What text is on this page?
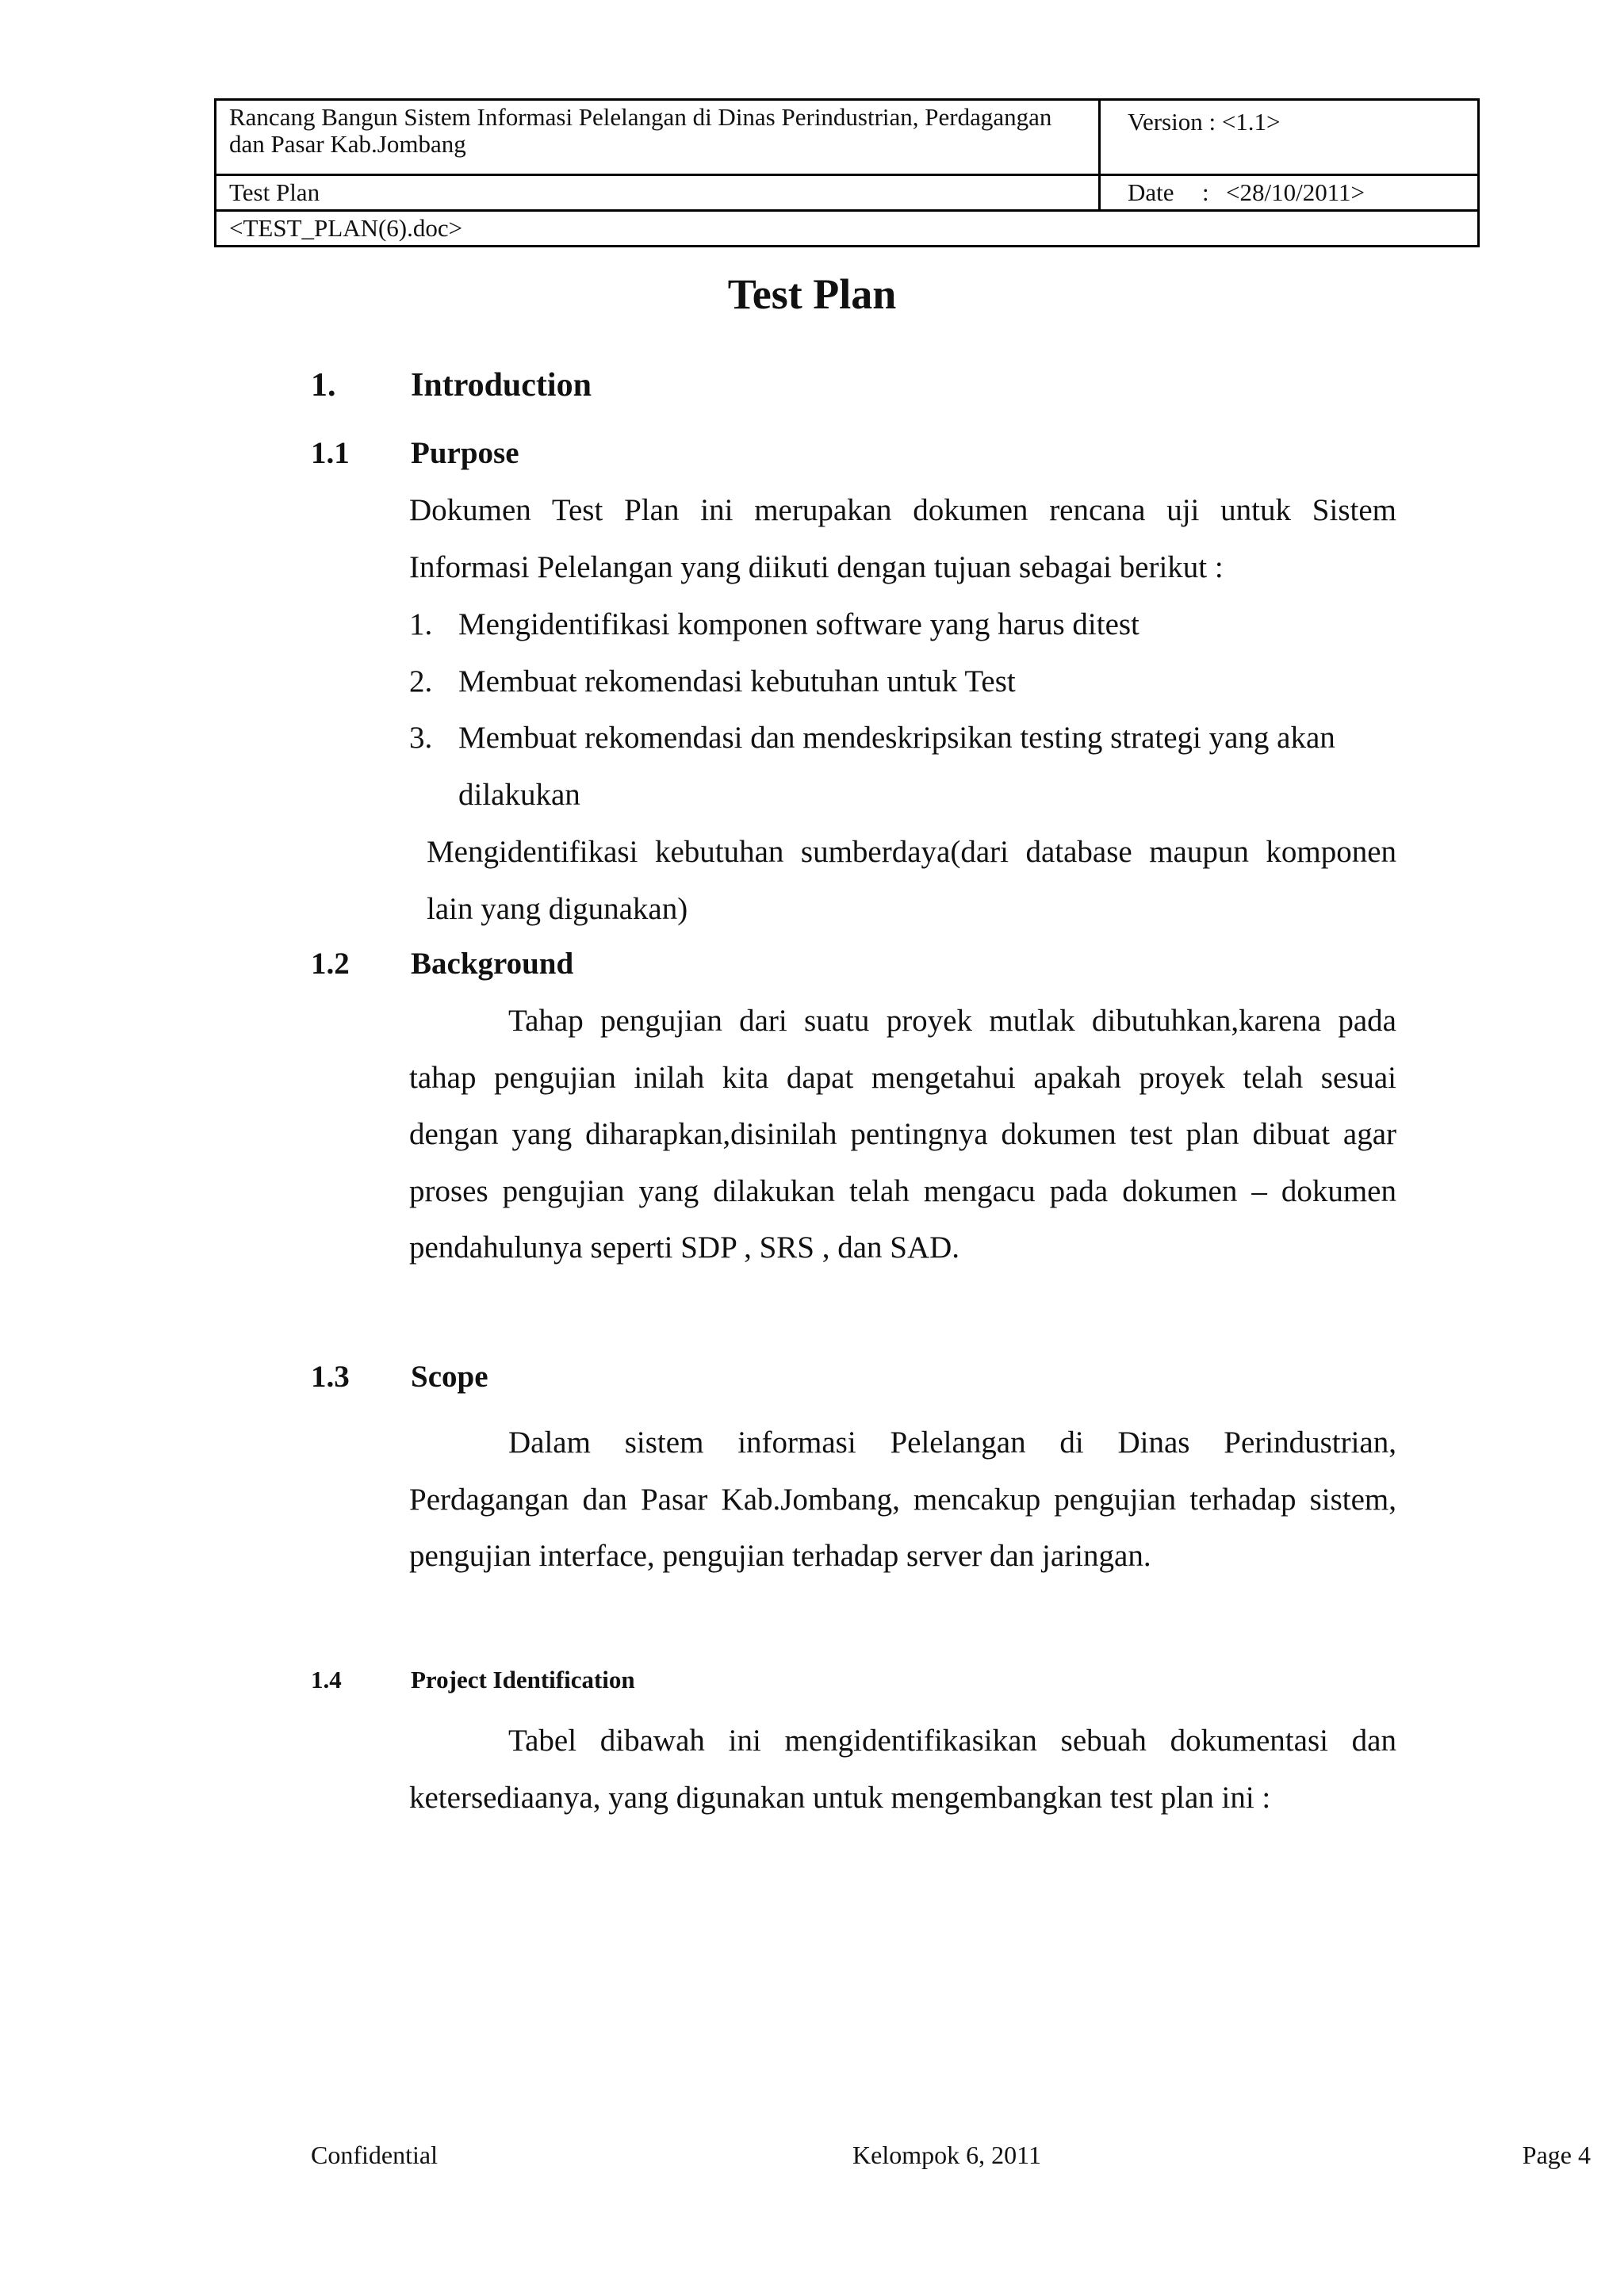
Rancang Bangun Sistem Informasi Pelelangan di Dinas Perindustrian, Perdagangan dan Pasar Kab.Jombang	Version : <1.1>
Test Plan	Date : <28/10/2011>

<TEST_PLAN(6).doc>	
Test Plan
1. Introduction
1.1 Purpose
Dokumen Test Plan ini merupakan dokumen rencana uji untuk Sistem Informasi Pelelangan yang diikuti dengan tujuan sebagai berikut :
1. Mengidentifikasi komponen software yang harus ditest
2. Membuat rekomendasi kebutuhan untuk Test
3. Membuat rekomendasi dan mendeskripsikan testing strategi yang akan dilakukan
Mengidentifikasi kebutuhan sumberdaya(dari database maupun komponen lain yang digunakan)
1.2 Background
Tahap pengujian dari suatu proyek mutlak dibutuhkan,karena pada tahap pengujian inilah kita dapat mengetahui apakah proyek telah sesuai dengan yang diharapkan,disinilah pentingnya dokumen test plan dibuat agar proses pengujian yang dilakukan telah mengacu pada dokumen – dokumen pendahulunya seperti SDP , SRS , dan SAD.
1.3 Scope
Dalam sistem informasi Pelelangan di Dinas Perindustrian, Perdagangan dan Pasar Kab.Jombang, mencakup pengujian terhadap sistem, pengujian interface, pengujian terhadap server dan jaringan.
1.4	Project Identification
Tabel dibawah ini mengidentifikasikan sebuah dokumentasi dan ketersediaanya, yang digunakan untuk mengembangkan test plan ini :
Confidential	Kelompok 6, 2011	Page 4
